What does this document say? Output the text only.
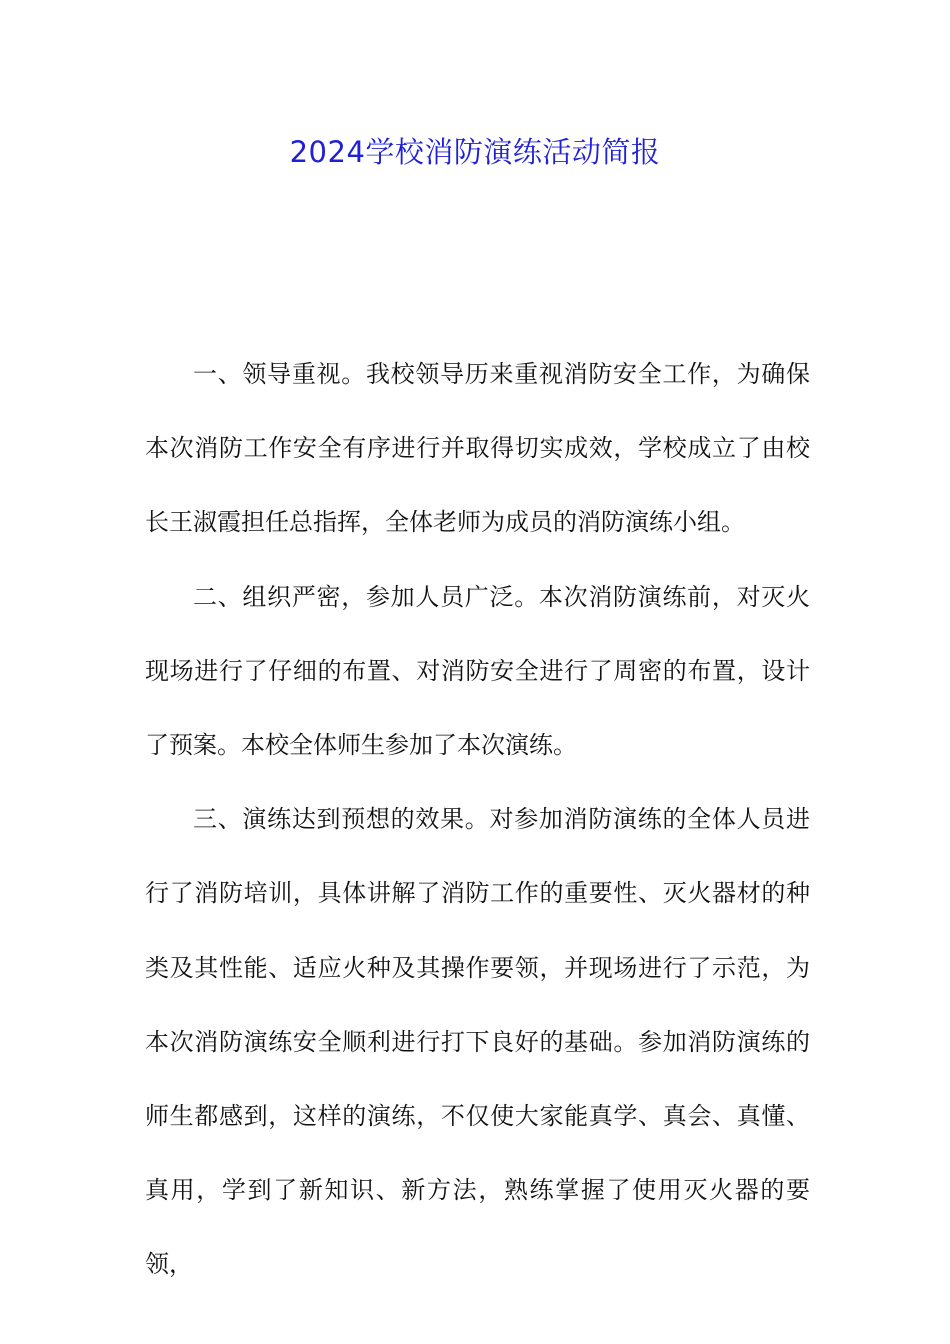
2024学校消防演练活动简报

一、领导重视。我校领导历来重视消防安全工作，为确保本次消防工作安全有序进行并取得切实成效，学校成立了由校长王淑霞担任总指挥，全体老师为成员的消防演练小组。

二、组织严密，参加人员广泛。本次消防演练前，对灭火现场进行了仔细的布置、对消防安全进行了周密的布置，设计了预案。本校全体师生参加了本次演练。

三、演练达到预想的效果。对参加消防演练的全体人员进行了消防培训，具体讲解了消防工作的重要性、灭火器材的种类及其性能、适应火种及其操作要领，并现场进行了示范，为本次消防演练安全顺利进行打下良好的基础。参加消防演练的师生都感到，这样的演练，不仅使大家能真学、真会、真懂、真用，学到了新知识、新方法，熟练掌握了使用灭火器的要领，
